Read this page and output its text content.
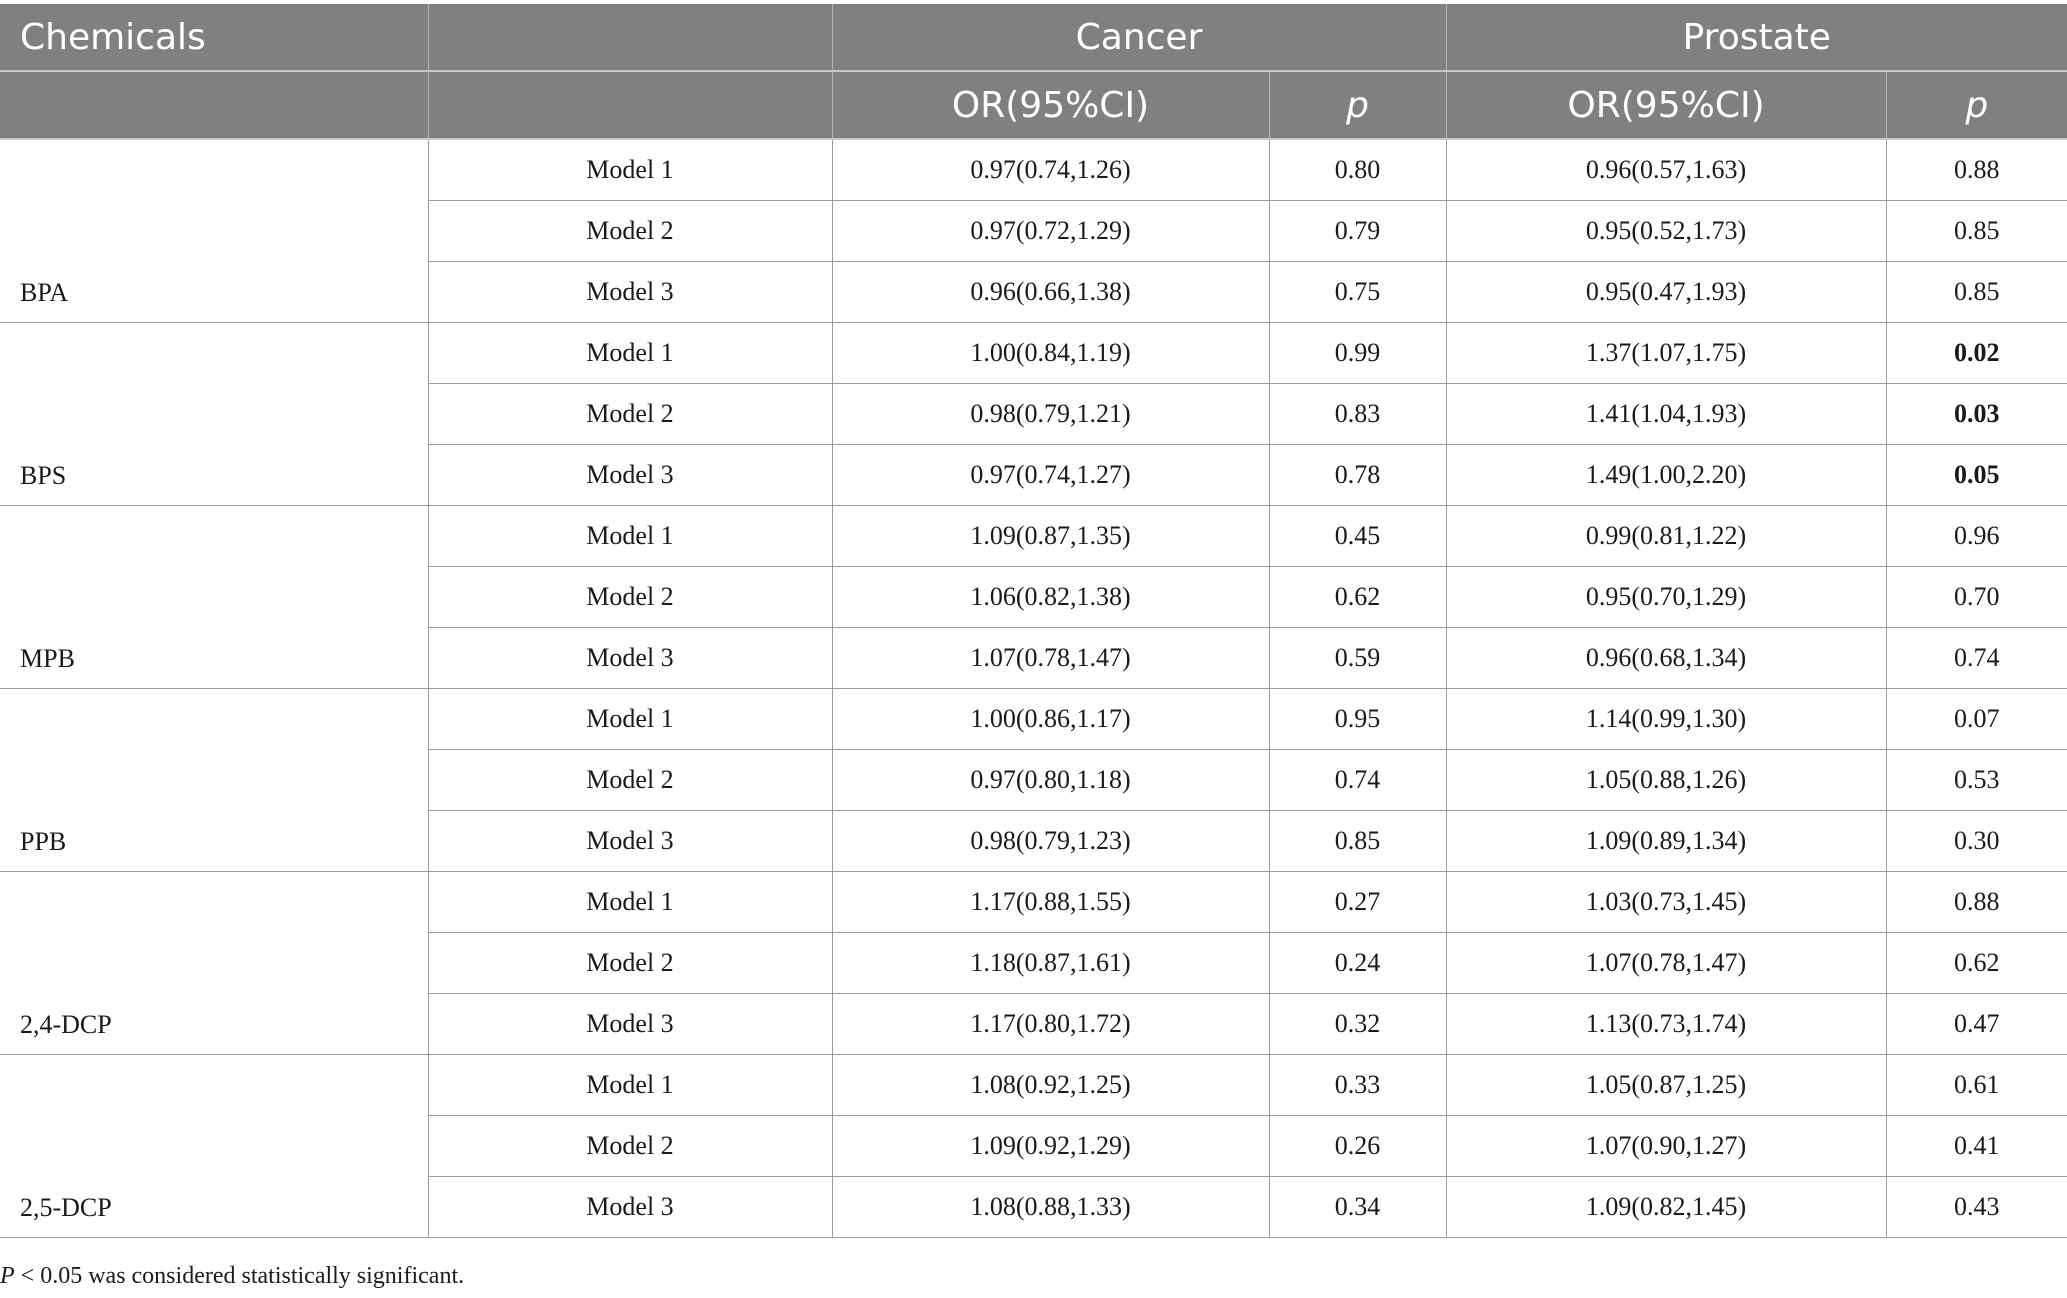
Chemicals		Cancer		Prostate	
		OR(95%CI)	p	OR(95%CI)	p
BPA	Model 1	0.97(0.74,1.26)	0.80	0.96(0.57,1.63)	0.88
	Model 2	0.97(0.72,1.29)	0.79	0.95(0.52,1.73)	0.85
	Model 3	0.96(0.66,1.38)	0.75	0.95(0.47,1.93)	0.85
BPS	Model 1	1.00(0.84,1.19)	0.99	1.37(1.07,1.75)	0.02
	Model 2	0.98(0.79,1.21)	0.83	1.41(1.04,1.93)	0.03
	Model 3	0.97(0.74,1.27)	0.78	1.49(1.00,2.20)	0.05
MPB	Model 1	1.09(0.87,1.35)	0.45	0.99(0.81,1.22)	0.96
	Model 2	1.06(0.82,1.38)	0.62	0.95(0.70,1.29)	0.70
	Model 3	1.07(0.78,1.47)	0.59	0.96(0.68,1.34)	0.74
PPB	Model 1	1.00(0.86,1.17)	0.95	1.14(0.99,1.30)	0.07
	Model 2	0.97(0.80,1.18)	0.74	1.05(0.88,1.26)	0.53
	Model 3	0.98(0.79,1.23)	0.85	1.09(0.89,1.34)	0.30
2,4-DCP	Model 1	1.17(0.88,1.55)	0.27	1.03(0.73,1.45)	0.88
	Model 2	1.18(0.87,1.61)	0.24	1.07(0.78,1.47)	0.62
	Model 3	1.17(0.80,1.72)	0.32	1.13(0.73,1.74)	0.47
2,5-DCP	Model 1	1.08(0.92,1.25)	0.33	1.05(0.87,1.25)	0.61
	Model 2	1.09(0.92,1.29)	0.26	1.07(0.90,1.27)	0.41
	Model 3	1.08(0.88,1.33)	0.34	1.09(0.82,1.45)	0.43

P < 0.05 was considered statistically significant.
